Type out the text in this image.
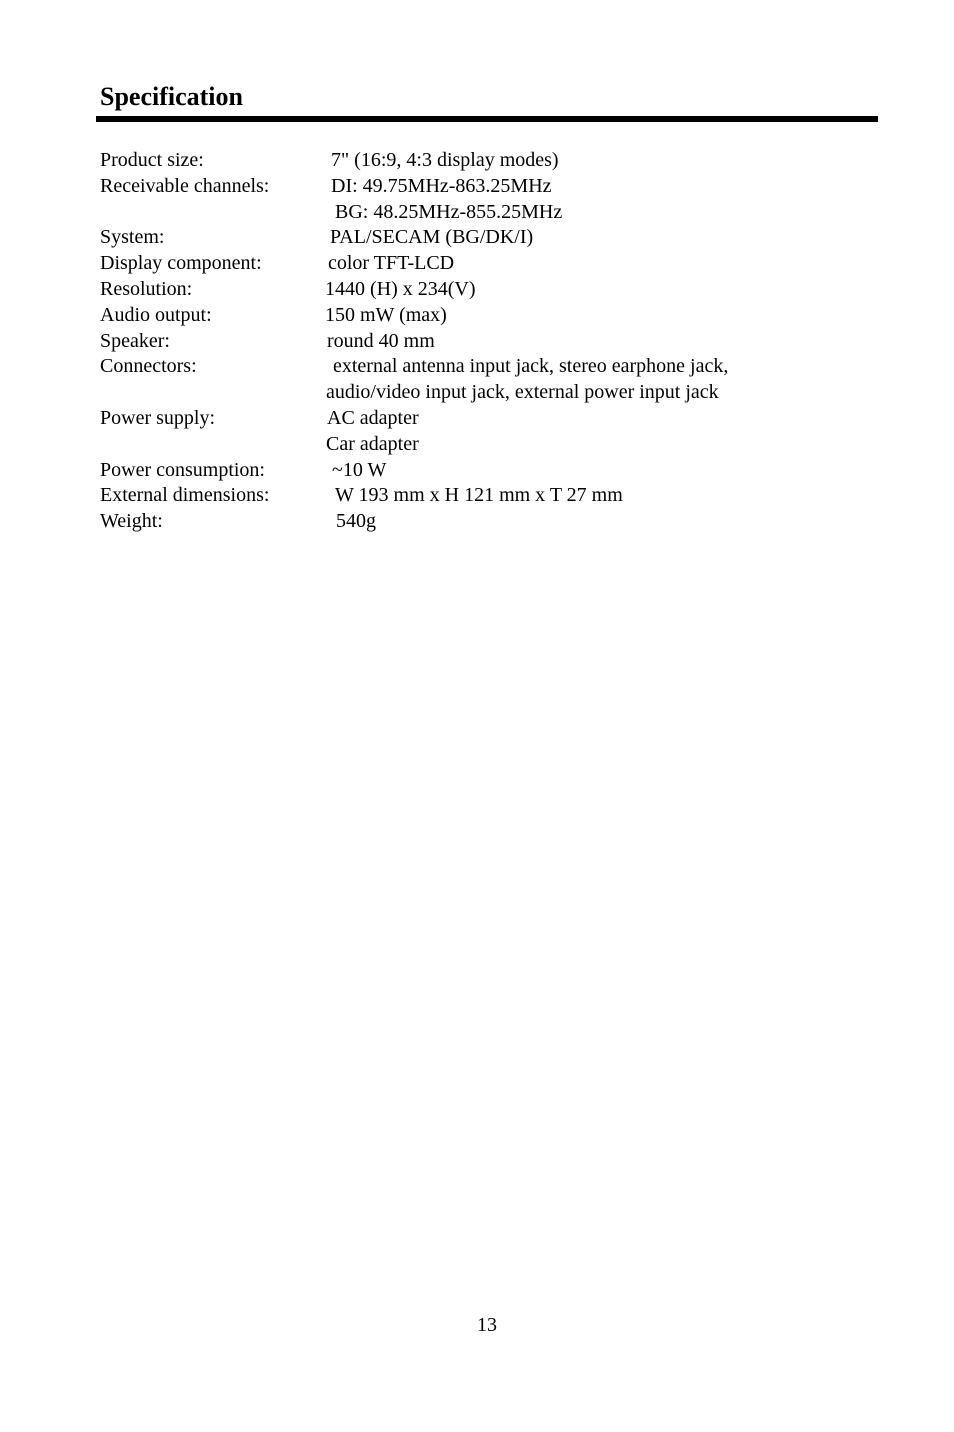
Specification
Product size:	7" (16:9, 4:3 display modes)
Receivable channels:	DI: 49.75MHz-863.25MHz
BG: 48.25MHz-855.25MHz
System:	PAL/SECAM (BG/DK/I)
Display component:	color TFT-LCD
Resolution:	1440 (H) x 234(V)
Audio output:	150 mW (max)
Speaker:	round 40 mm
Connectors:	external antenna input jack, stereo earphone jack,
audio/video input jack, external power input jack
Power supply:	AC adapter
Car adapter
Power consumption:	~10 W
External dimensions:	W 193 mm x H 121 mm x T 27 mm
Weight:	540g
13
